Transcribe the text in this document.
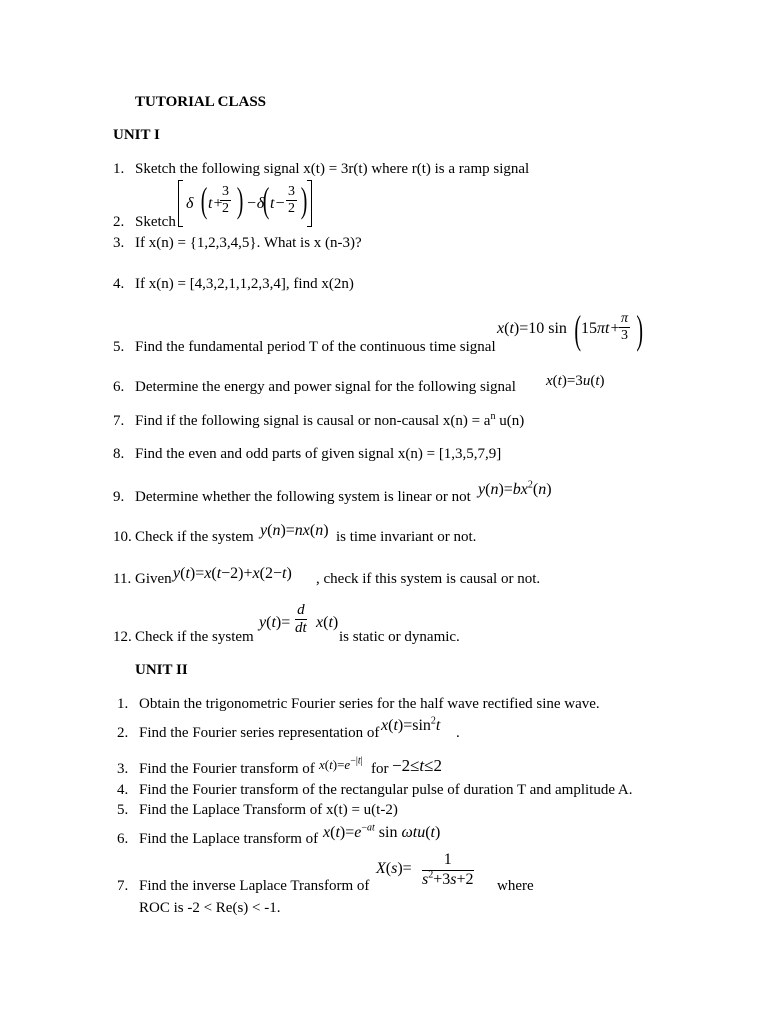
TUTORIAL CLASS
UNIT I
1. Sketch the following signal x(t) = 3r(t) where r(t) is a ramp signal
2. Sketch
δ ( t+
$\frac{3}{2}$ ) −δ
( $t- \frac{3}{2}$ )
3. If x(n) = {1,2,3,4,5}. What is x (n-3)?
4. If x(n) = [4,3,2,1,1,2,3,4], find x(2n)
5. Find the fundamental period T of the continuous time signal
x(t)=10 sin ( 15πt+
$\frac{\pi}{3}$ )
6. Determine the energy and power signal for the following signal x(t)=3u(t)
7. Find if the following signal is causal or non-causal $x(n) = a^n$ u(n)
8. Find the even and odd parts of given signal x(n) = [1,3,5,7,9]
9. Determine whether the following system is linear or not $y(n)=bx^2(n)$
10. Check if the system y(n)=nx(n) is time invariant or not.
11. Given y(t)=x(t−2)+x(2−t) , check if this system is causal or not.
12. Check if the system
$y(t)= \frac{d}{dt} x(t)$
is static or dynamic.
UNIT II
1. Obtain the trigonometric Fourier series for the half wave rectified sine wave.
2. Find the Fourier series representation of $x(t)=\sin^2t$ .
3. Find the Fourier transform of $x(t)=e^{-|t|}$ for −2≤t≤2
4. Find the Fourier transform of the rectangular pulse of duration T and amplitude A.
5. Find the Laplace Transform of x(t) = u(t-2)
6. Find the Laplace transform of $x(t)=e^{-at}$ sin ωtu(t)
7. Find the inverse Laplace Transform of
$X(s)= \frac{1}{s^2+3s+2}$ where
ROC is -2 < Re(s) < -1.
